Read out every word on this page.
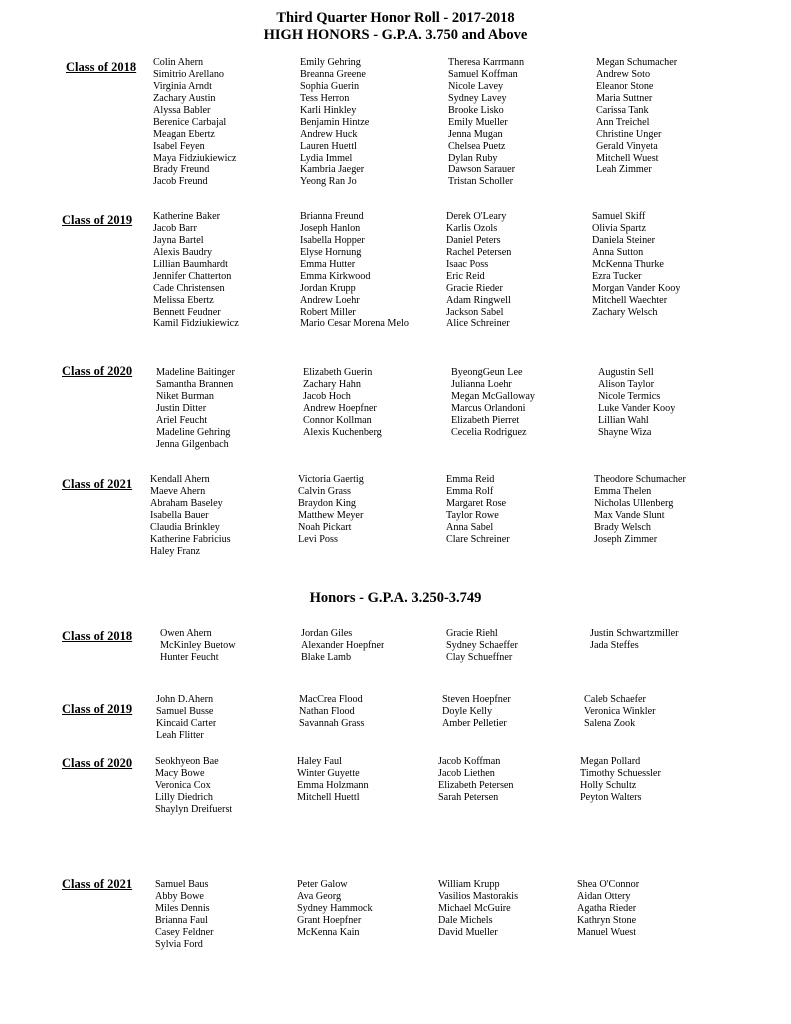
Third Quarter Honor Roll - 2017-2018
HIGH HONORS - G.P.A. 3.750 and Above
Honors - G.P.A. 3.250-3.749
Class of 2018 Colin Ahern
Simitrio Arellano
Virginia Arndt
Zachary Austin
Alyssa Babler
Berenice Carbajal
Meagan Ebertz
Isabel Feyen
Maya Fidziukiewicz
Brady Freund
Jacob Freund
Emily Gehring
Breanna Greene
Sophia Guerin
Tess Herron
Karli Hinkley
Benjamin Hintze
Andrew Huck
Lauren Huettl
Lydia Immel
Kambria Jaeger
Yeong Ran Jo
Theresa Karrmann
Samuel Koffman
Nicole Lavey
Sydney Lavey
Brooke Lisko
Emily Mueller
Jenna Mugan
Chelsea Puetz
Dylan Ruby
Dawson Sarauer
Tristan Scholler
Megan Schumacher
Andrew Soto
Eleanor Stone
Maria Suttner
Carissa Tank
Ann Treichel
Christine Unger
Gerald Vinyeta
Mitchell Wuest
Leah Zimmer
Class of 2019 Katherine Baker
Jacob Barr
Jayna Bartel
Alexis Baudry
Lillian Baumhardt
Jennifer Chatterton
Cade Christensen
Melissa Ebertz
Bennett Feudner
Kamil Fidziukiewicz
Brianna Freund
Joseph Hanlon
Isabella Hopper
Elyse Hornung
Emma Hutter
Emma Kirkwood
Jordan Krupp
Andrew Loehr
Robert Miller
Mario Cesar Morena Melo
Derek O'Leary
Karlis Ozols
Daniel Peters
Rachel Petersen
Isaac Poss
Eric Reid
Gracie Rieder
Adam Ringwell
Jackson Sabel
Alice Schreiner
Samuel Skiff
Olivia Spartz
Daniela Steiner
Anna Sutton
McKenna Thurke
Ezra Tucker
Morgan Vander Kooy
Mitchell Waechter
Zachary Welsch
Class of 2020 Madeline Baitinger
Samantha Brannen
Niket Burman
Justin Ditter
Ariel Feucht
Madeline Gehring
Jenna Gilgenbach
Elizabeth Guerin
Zachary Hahn
Jacob Hoch
Andrew Hoepfner
Connor Kollman
Alexis Kuchenberg
ByeongGeun Lee
Julianna Loehr
Megan McGalloway
Marcus Orlandoni
Elizabeth Pierret
Cecelia Rodriguez
Augustin Sell
Alison Taylor
Nicole Termics
Luke Vander Kooy
Lillian Wahl
Shayne Wiza
Class of 2021 Kendall Ahern
Maeve Ahern
Abraham Baseley
Isabella Bauer
Claudia Brinkley
Katherine Fabricius
Haley Franz
Victoria Gaertig
Calvin Grass
Braydon King
Matthew Meyer
Noah Pickart
Levi Poss
Emma Reid
Emma Rolf
Margaret Rose
Taylor Rowe
Anna Sabel
Clare Schreiner
Theodore Schumacher
Emma Thelen
Nicholas Ullenberg
Max Vande Slunt
Brady Welsch
Joseph Zimmer
Class of 2018	Owen Ahern
McKinley Buetow
Hunter Feucht
Jordan Giles
Alexander Hoepfner
Blake Lamb
Gracie Riehl
Sydney Schaeffer
Clay Schueffner
Justin Schwartzmiller
Jada Steffes
Class of 2019
John D.Ahern
Samuel Busse
Kincaid Carter
Leah Flitter
MacCrea Flood
Nathan Flood
Savannah Grass
Steven Hoepfner
Doyle Kelly
Amber Pelletier
Caleb Schaefer
Veronica Winkler
Salena Zook
Class of 2020 Seokhyeon Bae
Macy Bowe
Veronica Cox
Lilly Diedrich
Shaylyn Dreifuerst
Haley Faul
Winter Guyette
Emma Holzmann
Mitchell Huettl
Jacob Koffman
Jacob Liethen
Elizabeth Petersen
Sarah Petersen
Megan Pollard
Timothy Schuessler
Holly Schultz
Peyton Walters
Class of 2021 Samuel Baus
Abby Bowe
Miles Dennis
Brianna Faul
Casey Feldner
Sylvia Ford
Peter Galow
Ava Georg
Sydney Hammock
Grant Hoepfner
McKenna Kain
William Krupp
Vasilios Mastorakis
Michael McGuire
Dale Michels
David Mueller
Shea O'Connor
Aidan Ottery
Agatha Rieder
Kathryn Stone
Manuel Wuest
